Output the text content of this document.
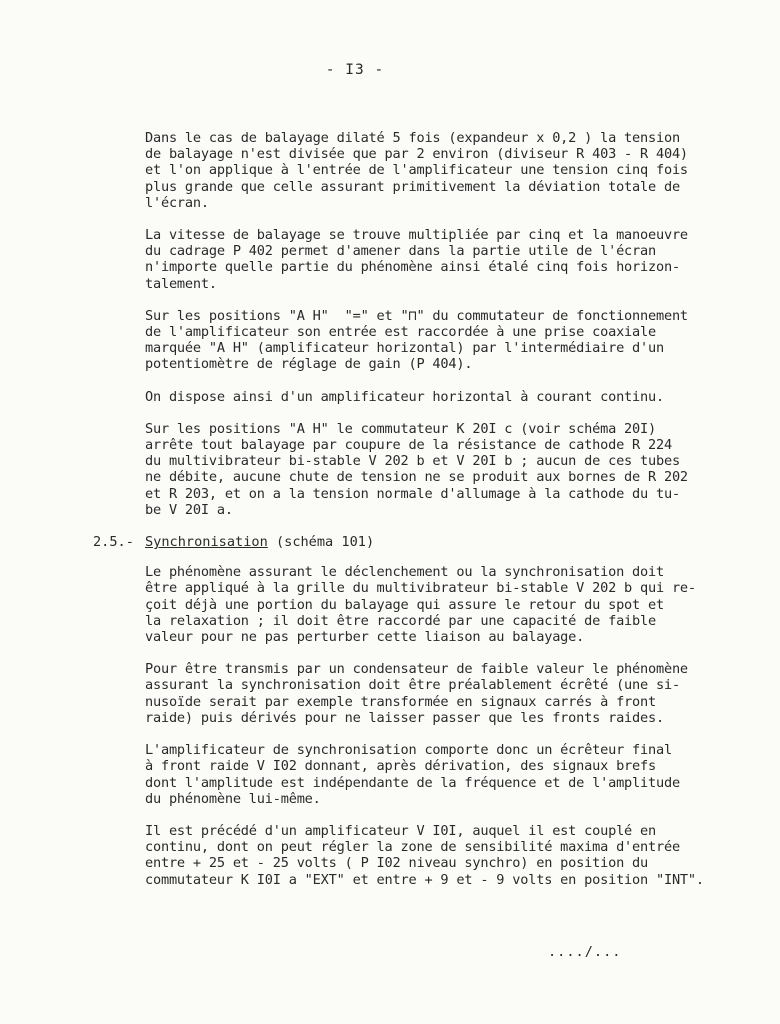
- I3 -

Dans le cas de balayage dilaté 5 fois (expandeur x 0,2 ) la tension
de balayage n'est divisée que par 2 environ (diviseur R 403 - R 404)
et l'on applique à l'entrée de l'amplificateur une tension cinq fois
plus grande que celle assurant primitivement la déviation totale de
l'écran.

La vitesse de balayage se trouve multipliée par cinq et la manoeuvre
du cadrage P 402 permet d'amener dans la partie utile de l'écran
n'importe quelle partie du phénomène ainsi étalé cinq fois horizon-
talement.

Sur les positions "A H"  "=" et "⊓" du commutateur de fonctionnement
de l'amplificateur son entrée est raccordée à une prise coaxiale
marquée "A H" (amplificateur horizontal) par l'intermédiaire d'un
potentiomètre de réglage de gain (P 404).

On dispose ainsi d'un amplificateur horizontal à courant continu.

Sur les positions "A H" le commutateur K 20I c (voir schéma 20I)
arrête tout balayage par coupure de la résistance de cathode R 224
du multivibrateur bi-stable V 202 b et V 20I b ; aucun de ces tubes
ne débite, aucune chute de tension ne se produit aux bornes de R 202
et R 203, et on a la tension normale d'allumage à la cathode du tu-
be V 20I a.

2.5.- Synchronisation (schéma 101)

Le phénomène assurant le déclenchement ou la synchronisation doit
être appliqué à la grille du multivibrateur bi-stable V 202 b qui re-
çoit déjà une portion du balayage qui assure le retour du spot et
la relaxation ; il doit être raccordé par une capacité de faible
valeur pour ne pas perturber cette liaison au balayage.

Pour être transmis par un condensateur de faible valeur le phénomène
assurant la synchronisation doit être préalablement écrêté (une si-
nusoïde serait par exemple transformée en signaux carrés à front
raide) puis dérivés pour ne laisser passer que les fronts raides.

L'amplificateur de synchronisation comporte donc un écrêteur final
à front raide V I02 donnant, après dérivation, des signaux brefs
dont l'amplitude est indépendante de la fréquence et de l'amplitude
du phénomène lui-même.

Il est précédé d'un amplificateur V I0I, auquel il est couplé en
continu, dont on peut régler la zone de sensibilité maxima d'entrée
entre + 25 et - 25 volts ( P I02 niveau synchro) en position du
commutateur K I0I a "EXT" et entre + 9 et - 9 volts en position "INT".

..../...
